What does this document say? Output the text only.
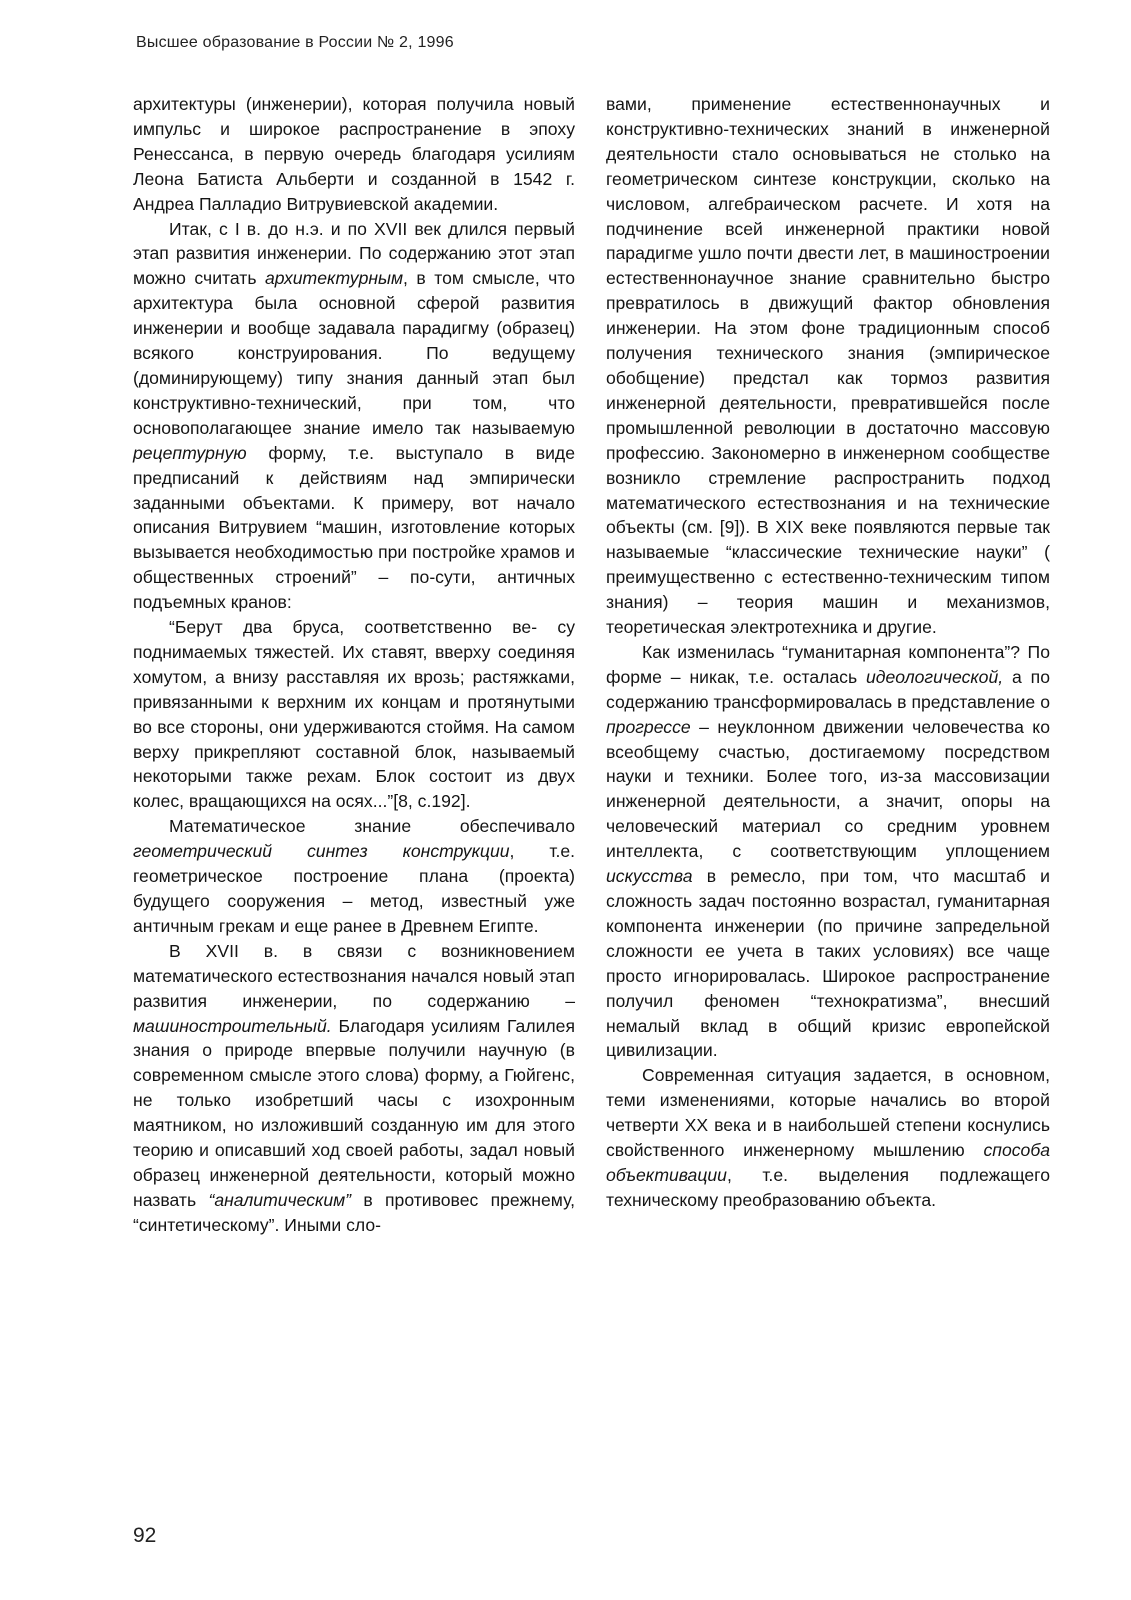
Высшее образование в России № 2, 1996

архитектуры (инженерии), которая получила новый импульс и широкое распространение в эпоху Ренессанса, в первую очередь благодаря усилиям Леона Батиста Альберти и созданной в 1542 г. Андреа Палладио Витрувиевской академии.

Итак, с I в. до н.э. и по XVII век длился первый этап развития инженерии. По содержанию этот этап можно считать архитектурным, в том смысле, что архитектура была основной сферой развития инженерии и вообще задавала парадигму (образец) всякого конструирования. По ведущему (доминирующему) типу знания данный этап был конструктивно-технический, при том, что основополагающее знание имело так называемую рецептурную форму, т.е. выступало в виде предписаний к действиям над эмпирически заданными объектами. К примеру, вот начало описания Витрувием “машин, изготовление которых вызывается необходимостью при постройке храмов и общественных строений” – по-сути, античных подъемных кранов:

“Берут два бруса, соответственно ве- су поднимаемых тяжестей. Их ставят, вверху соединяя хомутом, а внизу расставляя их врозь; растяжками, привязанными к верхним их концам и протянутыми во все стороны, они удерживаются стоймя. На самом верху прикрепляют составной блок, называемый некоторыми также рехам. Блок состоит из двух колес, вращающихся на осях...”[8, с.192].

Математическое знание обеспечивало геометрический синтез конструкции, т.е. геометрическое построение плана (проекта) будущего сооружения – метод, известный уже античным грекам и еще ранее в Древнем Египте.

В XVII в. в связи с возникновением математического естествознания начался новый этап развития инженерии, по содержанию – машиностроительный. Благодаря усилиям Галилея знания о природе впервые получили научную (в современном смысле этого слова) форму, а Гюйгенс, не только изобретший часы с изохронным маятником, но изложивший созданную им для этого теорию и описавший ход своей работы, задал новый образец инженерной деятельности, который можно назвать “аналитическим” в противовес прежнему, “синтетическому”. Иными сло-

вами, применение естественнонаучных и конструктивно-технических знаний в инженерной деятельности стало основываться не столько на геометрическом синтезе конструкции, сколько на числовом, алгебраическом расчете. И хотя на подчинение всей инженерной практики новой парадигме ушло почти двести лет, в машиностроении естественнонаучное знание сравнительно быстро превратилось в движущий фактор обновления инженерии. На этом фоне традиционным способ получения технического знания (эмпирическое обобщение) предстал как тормоз развития инженерной деятельности, превратившейся после промышленной революции в достаточно массовую профессию. Закономерно в инженерном сообществе возникло стремление распространить подход математического естествознания и на технические объекты (см. [9]). В XIX веке появляются первые так называемые “классические технические науки” ( преимущественно с естественно-техническим типом знания) – теория машин и механизмов, теоретическая электротехника и другие.

Как изменилась “гуманитарная компонента”? По форме – никак, т.е. осталась идеологической, а по содержанию трансформировалась в представление о прогрессе – неуклонном движении человечества ко всеобщему счастью, достигаемому посредством науки и техники. Более того, из-за массовизации инженерной деятельности, а значит, опоры на человеческий материал со средним уровнем интеллекта, с соответствующим уплощением искусства в ремесло, при том, что масштаб и сложность задач постоянно возрастал, гуманитарная компонента инженерии (по причине запредельной сложности ее учета в таких условиях) все чаще просто игнорировалась. Широкое распространение получил феномен “технократизма”, внесший немалый вклад в общий кризис европейской цивилизации.

Современная ситуация задается, в основном, теми изменениями, которые начались во второй четверти XX века и в наибольшей степени коснулись свойственного инженерному мышлению способа объективации, т.е. выделения подлежащего техническому преобразованию объекта.

92
